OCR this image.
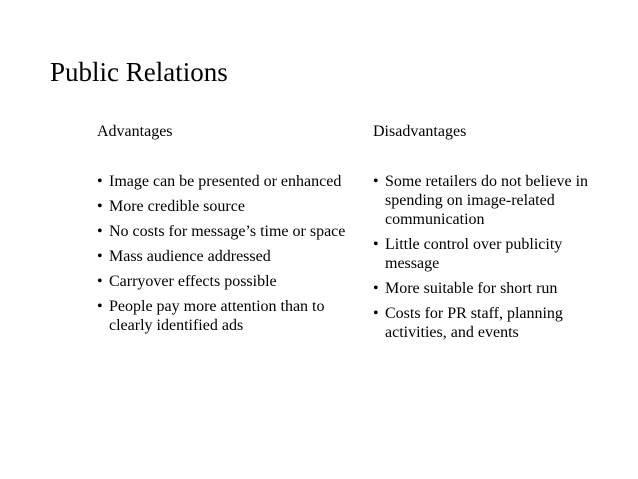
Public Relations
Advantages
• Image can be presented or enhanced
• More credible source
• No costs for message’s time or space
• Mass audience addressed
• Carryover effects possible
• People pay more attention than to clearly identified ads
Disadvantages
• Some retailers do not believe in spending on image-related communication
• Little control over publicity message
• More suitable for short run
• Costs for PR staff, planning activities, and events
